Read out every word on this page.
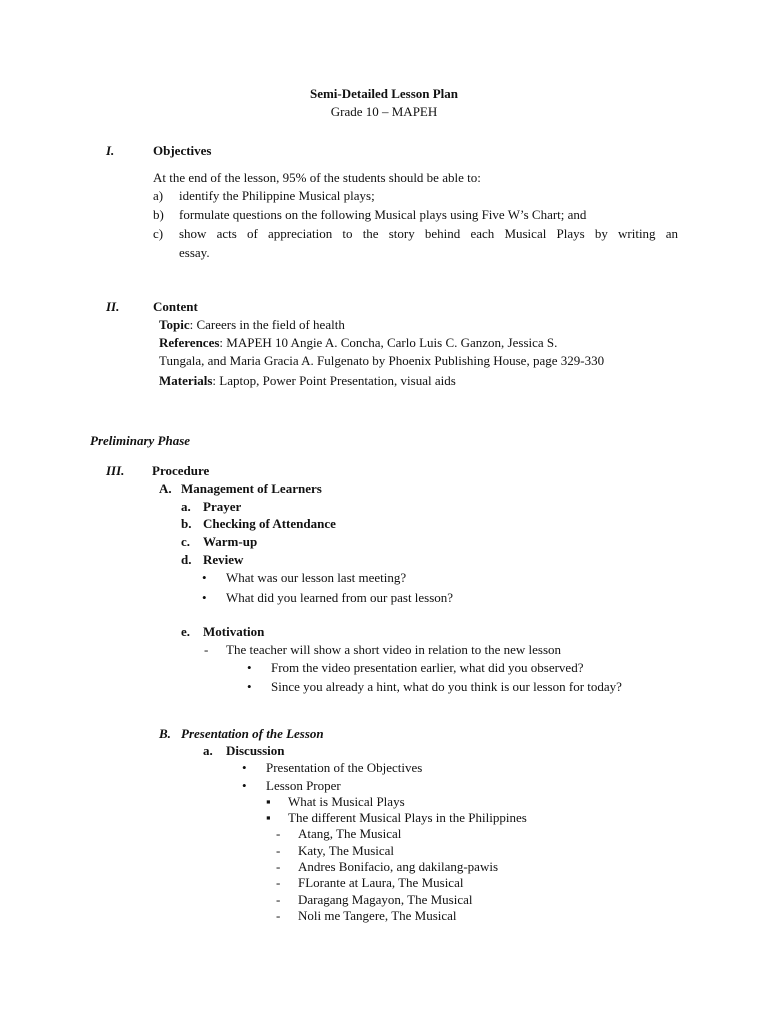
Semi-Detailed Lesson Plan
Grade 10 – MAPEH
I.	Objectives
At the end of the lesson, 95% of the students should be able to:
a) identify the Philippine Musical plays;
b) formulate questions on the following Musical plays using Five W’s Chart; and
c) show acts of appreciation to the story behind each Musical Plays by writing an
essay.
II.	Content
Topic: Careers in the field of health
References: MAPEH 10 Angie A. Concha, Carlo Luis C. Ganzon, Jessica S.
Tungala, and Maria Gracia A. Fulgenato by Phoenix Publishing House, page 329-330
Materials: Laptop, Power Point Presentation, visual aids
Preliminary Phase
III. Procedure
A. Management of Learners
a. Prayer
b. Checking of Attendance
c. Warm-up
d. Review
• What was our lesson last meeting?
• What did you learned from our past lesson?
e. Motivation
- The teacher will show a short video in relation to the new lesson
• From the video presentation earlier, what did you observed?
• Since you already a hint, what do you think is our lesson for today?
B. Presentation of the Lesson
a. Discussion
• Presentation of the Objectives
• Lesson Proper
▪ What is Musical Plays
▪ The different Musical Plays in the Philippines
- Atang, The Musical
- Katy, The Musical
- Andres Bonifacio, ang dakilang-pawis
- FLorante at Laura, The Musical
- Daragang Magayon, The Musical
- Noli me Tangere, The Musical
